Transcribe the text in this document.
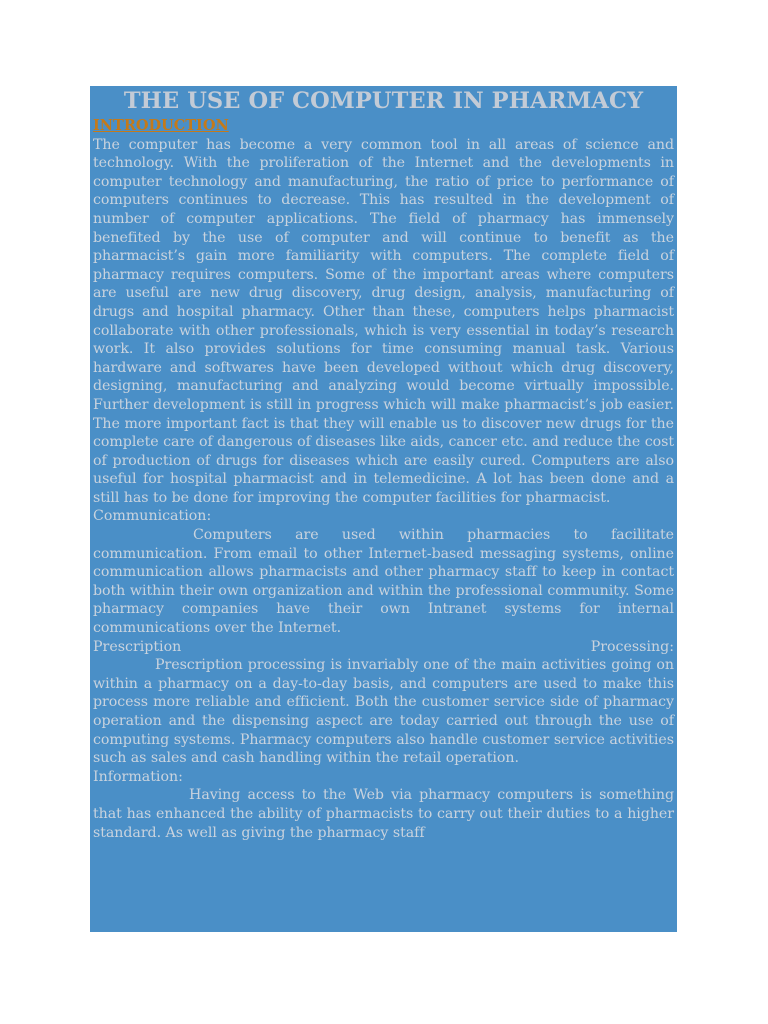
THE USE OF COMPUTER IN PHARMACY
INTRODUCTION

The computer has become a very common tool in all areas of science and technology. With the proliferation of the Internet and the developments in computer technology and manufacturing, the ratio of price to performance of computers continues to decrease. This has resulted in the development of number of computer applications. The field of pharmacy has immensely benefited by the use of computer and will continue to benefit as the pharmacist’s gain more familiarity with computers. The complete field of pharmacy requires computers. Some of the important areas where computers are useful are new drug discovery, drug design, analysis, manufacturing of drugs and hospital pharmacy. Other than these, computers helps pharmacist collaborate with other professionals, which is very essential in today’s research work. It also provides solutions for time consuming manual task. Various hardware and softwares have been developed without which drug discovery, designing, manufacturing and analyzing would become virtually impossible. Further development is still in progress which will make pharmacist’s job easier. The more important fact is that they will enable us to discover new drugs for the complete care of dangerous of diseases like aids, cancer etc. and reduce the cost of production of drugs for diseases which are easily cured. Computers are also useful for hospital pharmacist and in telemedicine. A lot has been done and a still has to be done for improving the computer facilities for pharmacist.

Communication:

Computers are used within pharmacies to facilitate communication. From email to other Internet-based messaging systems, online communication allows pharmacists and other pharmacy staff to keep in contact both within their own organization and within the professional community. Some pharmacy companies have their own Intranet systems for internal communications over the Internet.

Prescription	Processing:

Prescription processing is invariably one of the main activities going on within a pharmacy on a day-to-day basis, and computers are used to make this process more reliable and efficient. Both the customer service side of pharmacy operation and the dispensing aspect are today carried out through the use of computing systems. Pharmacy computers also handle customer service activities such as sales and cash handling within the retail operation.

Information:

Having access to the Web via pharmacy computers is something that has enhanced the ability of pharmacists to carry out their duties to a higher standard. As well as giving the pharmacy staff
